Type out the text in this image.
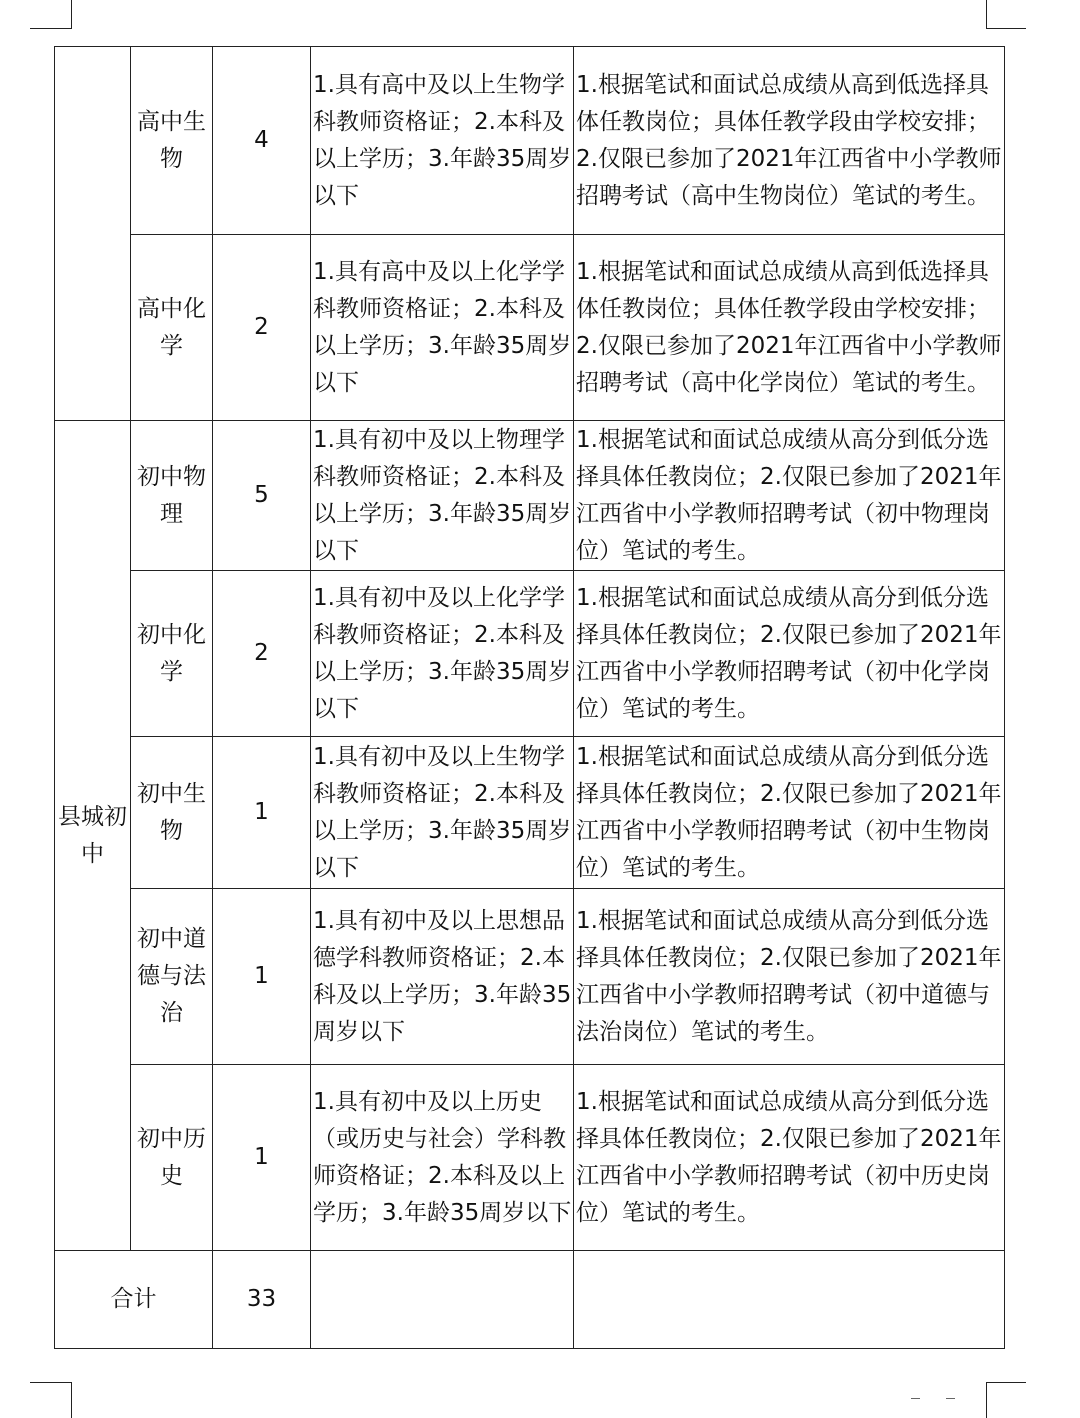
	高中生物	4	1.具有高中及以上生物学科教师资格证；2.本科及以上学历；3.年龄35周岁以下	1.根据笔试和面试总成绩从高到低选择具体任教岗位；具体任教学段由学校安排；2.仅限已参加了2021年江西省中小学教师招聘考试（高中生物岗位）笔试的考生。
	高中化学	2	1.具有高中及以上化学学科教师资格证；2.本科及以上学历；3.年龄35周岁以下	1.根据笔试和面试总成绩从高到低选择具体任教岗位；具体任教学段由学校安排；2.仅限已参加了2021年江西省中小学教师招聘考试（高中化学岗位）笔试的考生。
县城初中	初中物理	5	1.具有初中及以上物理学科教师资格证；2.本科及以上学历；3.年龄35周岁以下	1.根据笔试和面试总成绩从高分到低分选择具体任教岗位；2.仅限已参加了2021年江西省中小学教师招聘考试（初中物理岗位）笔试的考生。
	初中化学	2	1.具有初中及以上化学学科教师资格证；2.本科及以上学历；3.年龄35周岁以下	1.根据笔试和面试总成绩从高分到低分选择具体任教岗位；2.仅限已参加了2021年江西省中小学教师招聘考试（初中化学岗位）笔试的考生。
	初中生物	1	1.具有初中及以上生物学科教师资格证；2.本科及以上学历；3.年龄35周岁以下	1.根据笔试和面试总成绩从高分到低分选择具体任教岗位；2.仅限已参加了2021年江西省中小学教师招聘考试（初中生物岗位）笔试的考生。
	初中道德与法治	1	1.具有初中及以上思想品德学科教师资格证；2.本科及以上学历；3.年龄35周岁以下	1.根据笔试和面试总成绩从高分到低分选择具体任教岗位；2.仅限已参加了2021年江西省中小学教师招聘考试（初中道德与法治岗位）笔试的考生。
	初中历史	1	1.具有初中及以上历史（或历史与社会）学科教师资格证；2.本科及以上学历；3.年龄35周岁以下	1.根据笔试和面试总成绩从高分到低分选择具体任教岗位；2.仅限已参加了2021年江西省中小学教师招聘考试（初中历史岗位）笔试的考生。
合计		33		
